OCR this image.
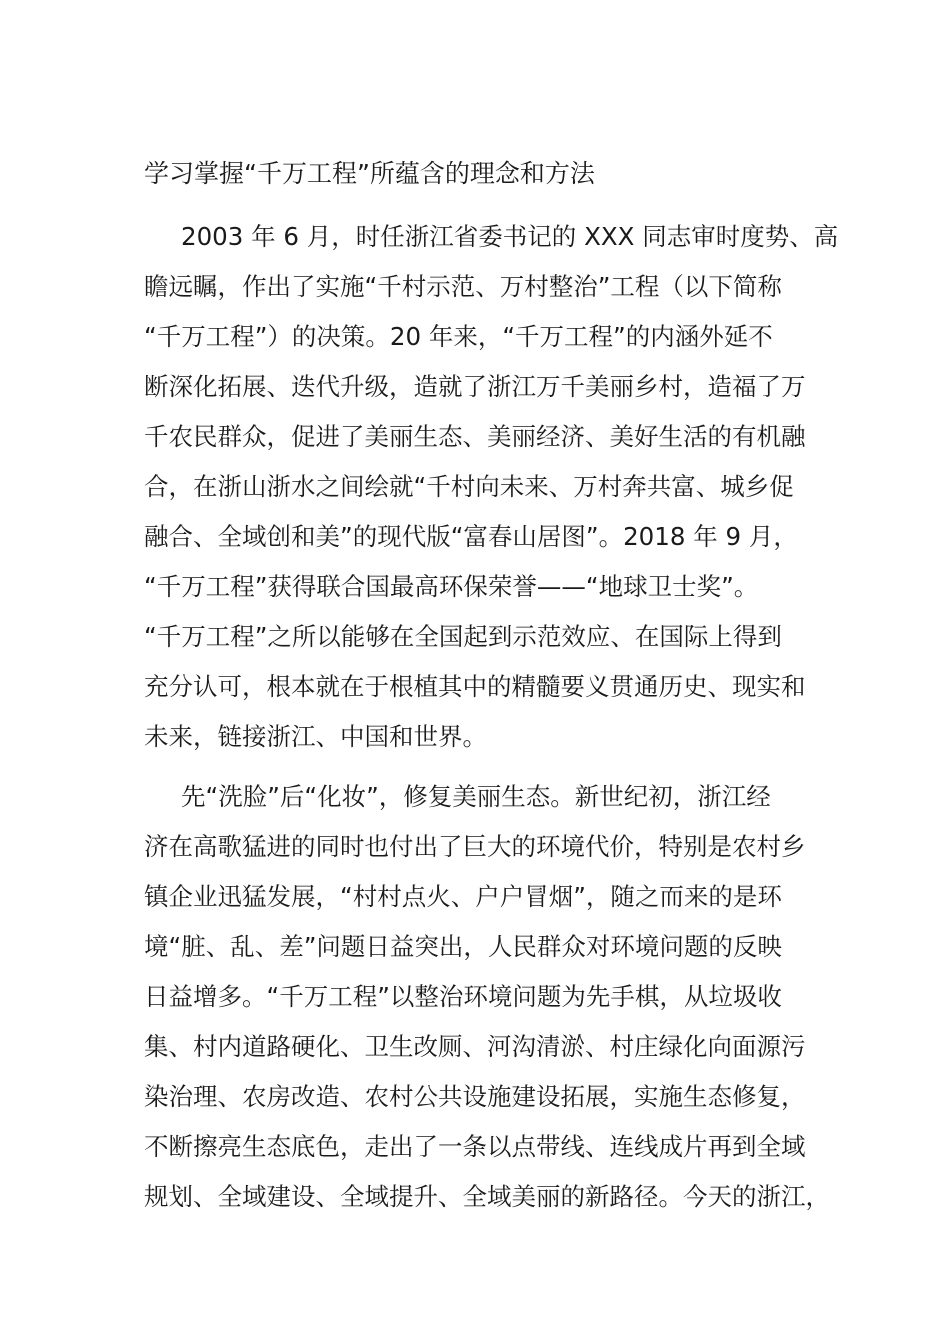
学习掌握“千万工程”所蕴含的理念和方法
2003 年 6 月，时任浙江省委书记的 XXX 同志审时度势、高
瞻远瞩，作出了实施“千村示范、万村整治”工程（以下简称
“千万工程”）的决策。20 年来，“千万工程”的内涵外延不
断深化拓展、迭代升级，造就了浙江万千美丽乡村，造福了万
千农民群众，促进了美丽生态、美丽经济、美好生活的有机融
合，在浙山浙水之间绘就“千村向未来、万村奔共富、城乡促
融合、全域创和美”的现代版“富春山居图”。2018 年 9 月，
“千万工程”获得联合国最高环保荣誉——“地球卫士奖”。
“千万工程”之所以能够在全国起到示范效应、在国际上得到
充分认可，根本就在于根植其中的精髓要义贯通历史、现实和
未来，链接浙江、中国和世界。
先“洗脸”后“化妆”，修复美丽生态。新世纪初，浙江经
济在高歌猛进的同时也付出了巨大的环境代价，特别是农村乡
镇企业迅猛发展，“村村点火、户户冒烟”，随之而来的是环
境“脏、乱、差”问题日益突出，人民群众对环境问题的反映
日益增多。“千万工程”以整治环境问题为先手棋，从垃圾收
集、村内道路硬化、卫生改厕、河沟清淤、村庄绿化向面源污
染治理、农房改造、农村公共设施建设拓展，实施生态修复，
不断擦亮生态底色，走出了一条以点带线、连线成片再到全域
规划、全域建设、全域提升、全域美丽的新路径。今天的浙江，
